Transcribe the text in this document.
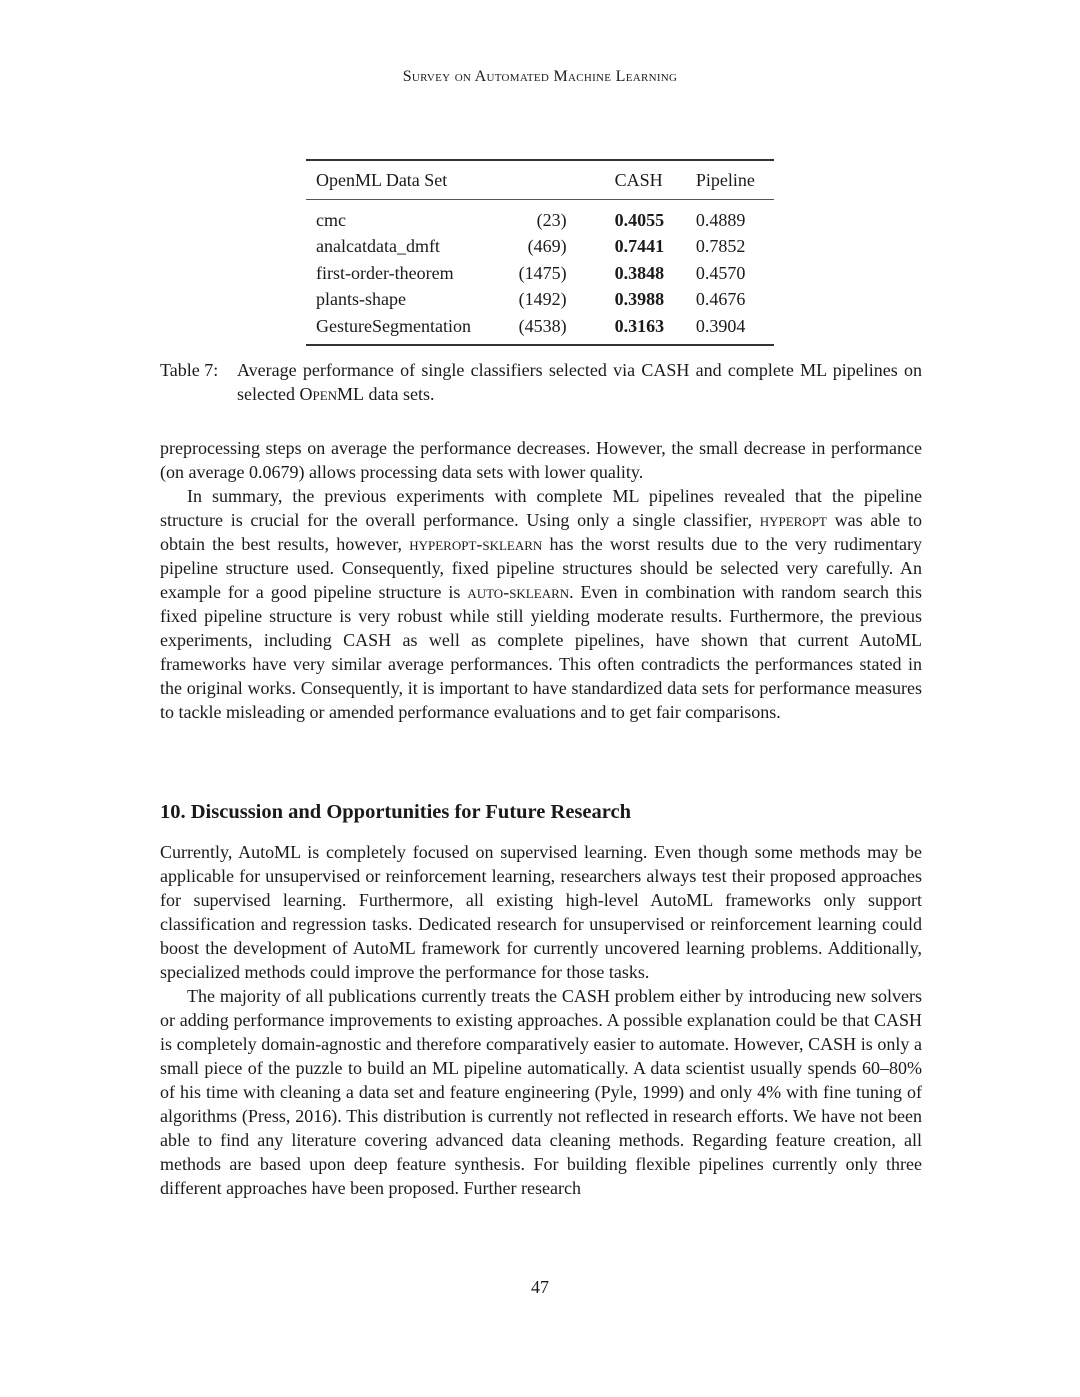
Survey on Automated Machine Learning
OpenML Data Set		CASH	Pipeline
cmc	(23)	0.4055	0.4889
analcatdata_dmft	(469)	0.7441	0.7852
first-order-theorem	(1475)	0.3848	0.4570
plants-shape	(1492)	0.3988	0.4676
GestureSegmentation	(4538)	0.3163	0.3904
Table 7: Average performance of single classifiers selected via CASH and complete ML pipelines on selected OpenML data sets.

preprocessing steps on average the performance decreases. However, the small decrease in performance (on average 0.0679) allows processing data sets with lower quality.

In summary, the previous experiments with complete ML pipelines revealed that the pipeline structure is crucial for the overall performance. Using only a single classifier, hyperopt was able to obtain the best results, however, hyperopt-sklearn has the worst results due to the very rudimentary pipeline structure used. Consequently, fixed pipeline structures should be selected very carefully. An example for a good pipeline structure is auto-sklearn. Even in combination with random search this fixed pipeline structure is very robust while still yielding moderate results. Furthermore, the previous experiments, including CASH as well as complete pipelines, have shown that current AutoML frameworks have very similar average performances. This often contradicts the performances stated in the original works. Consequently, it is important to have standardized data sets for performance measures to tackle misleading or amended performance evaluations and to get fair comparisons.

10. Discussion and Opportunities for Future Research

Currently, AutoML is completely focused on supervised learning. Even though some methods may be applicable for unsupervised or reinforcement learning, researchers always test their proposed approaches for supervised learning. Furthermore, all existing high-level AutoML frameworks only support classification and regression tasks. Dedicated research for unsupervised or reinforcement learning could boost the development of AutoML framework for currently uncovered learning problems. Additionally, specialized methods could improve the performance for those tasks.

The majority of all publications currently treats the CASH problem either by introducing new solvers or adding performance improvements to existing approaches. A possible explanation could be that CASH is completely domain-agnostic and therefore comparatively easier to automate. However, CASH is only a small piece of the puzzle to build an ML pipeline automatically. A data scientist usually spends 60–80% of his time with cleaning a data set and feature engineering (Pyle, 1999) and only 4% with fine tuning of algorithms (Press, 2016). This distribution is currently not reflected in research efforts. We have not been able to find any literature covering advanced data cleaning methods. Regarding feature creation, all methods are based upon deep feature synthesis. For building flexible pipelines currently only three different approaches have been proposed. Further research

47
